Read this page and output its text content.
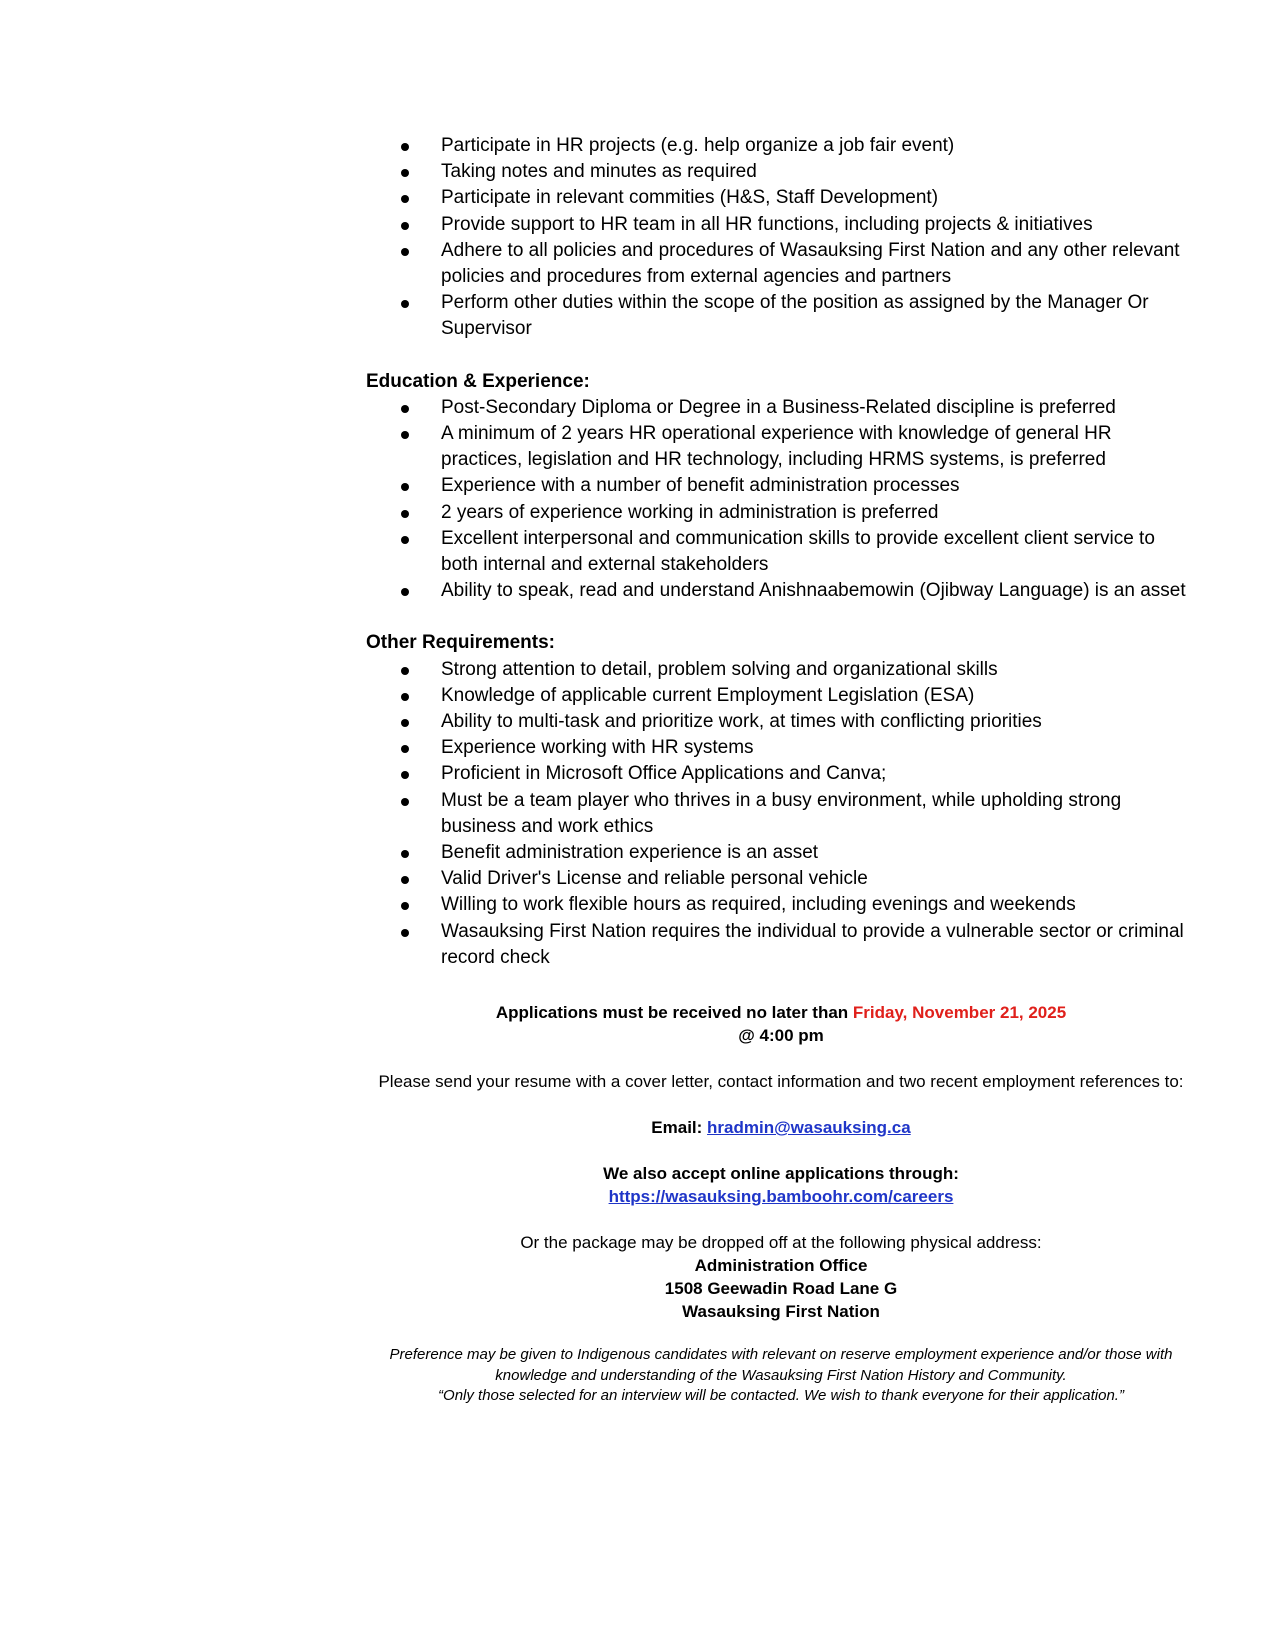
Participate in HR projects (e.g. help organize a job fair event)
Taking notes and minutes as required
Participate in relevant commities (H&S, Staff Development)
Provide support to HR team in all HR functions, including projects & initiatives
Adhere to all policies and procedures of Wasauksing First Nation and any other relevant policies and procedures from external agencies and partners
Perform other duties within the scope of the position as assigned by the Manager Or Supervisor
Education & Experience:
Post-Secondary Diploma or Degree in a Business-Related discipline is preferred
A minimum of 2 years HR operational experience with knowledge of general HR practices, legislation and HR technology, including HRMS systems, is preferred
Experience with a number of benefit administration processes
2 years of experience working in administration is preferred
Excellent interpersonal and communication skills to provide excellent client service to both internal and external stakeholders
Ability to speak, read and understand Anishnaabemowin (Ojibway Language) is an asset
Other Requirements:
Strong attention to detail, problem solving and organizational skills
Knowledge of applicable current Employment Legislation (ESA)
Ability to multi-task and prioritize work, at times with conflicting priorities
Experience working with HR systems
Proficient in Microsoft Office Applications and Canva;
Must be a team player who thrives in a busy environment, while upholding strong business and work ethics
Benefit administration experience is an asset
Valid Driver's License and reliable personal vehicle
Willing to work flexible hours as required, including evenings and weekends
Wasauksing First Nation requires the individual to provide a vulnerable sector or criminal record check
Applications must be received no later than Friday, November 21, 2025
@ 4:00 pm
Please send your resume with a cover letter, contact information and two recent employment references to:
Email: hradmin@wasauksing.ca
We also accept online applications through:
https://wasauksing.bamboohr.com/careers
Or the package may be dropped off at the following physical address:
Administration Office
1508 Geewadin Road Lane G
Wasauksing First Nation
Preference may be given to Indigenous candidates with relevant on reserve employment experience and/or those with knowledge and understanding of the Wasauksing First Nation History and Community.
“Only those selected for an interview will be contacted. We wish to thank everyone for their application.”
